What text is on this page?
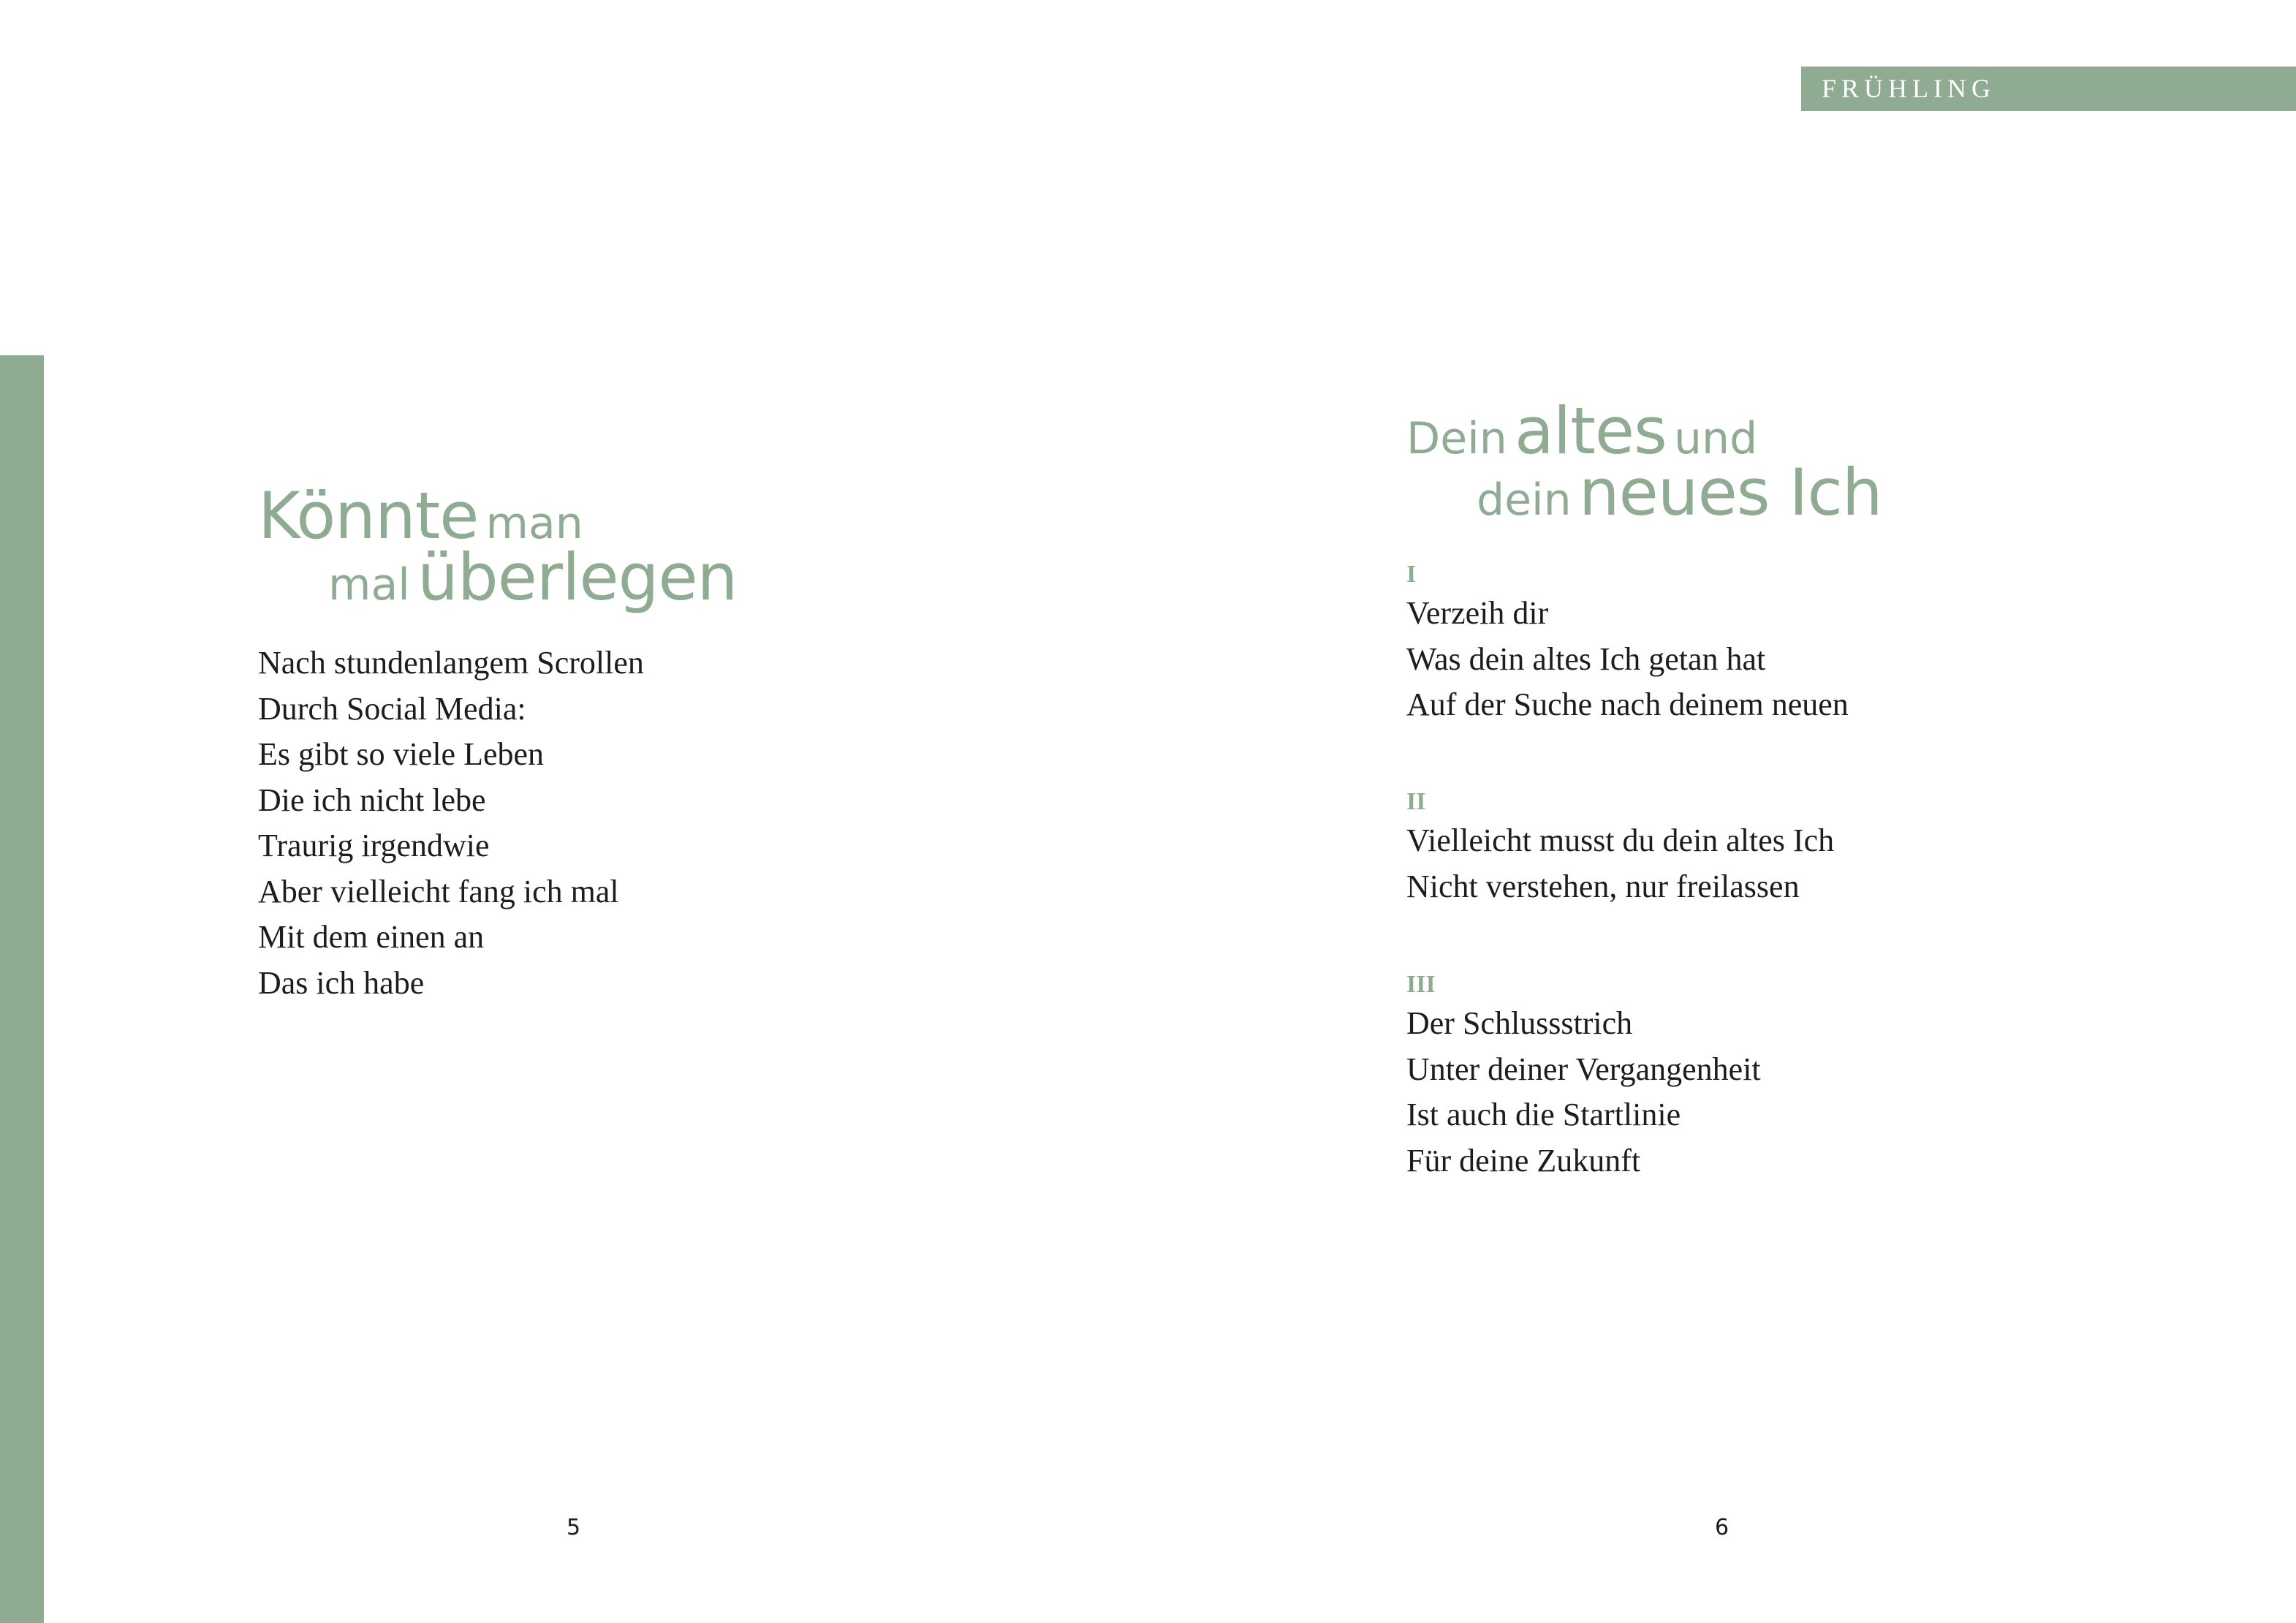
FRÜHLING
Könnte man
mal überlegen
Nach stundenlangem Scrollen
Durch Social Media:
Es gibt so viele Leben
Die ich nicht lebe
Traurig irgendwie
Aber vielleicht fang ich mal
Mit dem einen an
Das ich habe
5
Dein altes und
dein neues Ich
I
Verzeih dir
Was dein altes Ich getan hat
Auf der Suche nach deinem neuen
II
Vielleicht musst du dein altes Ich
Nicht verstehen, nur freilassen
III
Der Schlussstrich
Unter deiner Vergangenheit
Ist auch die Startlinie
Für deine Zukunft
6
